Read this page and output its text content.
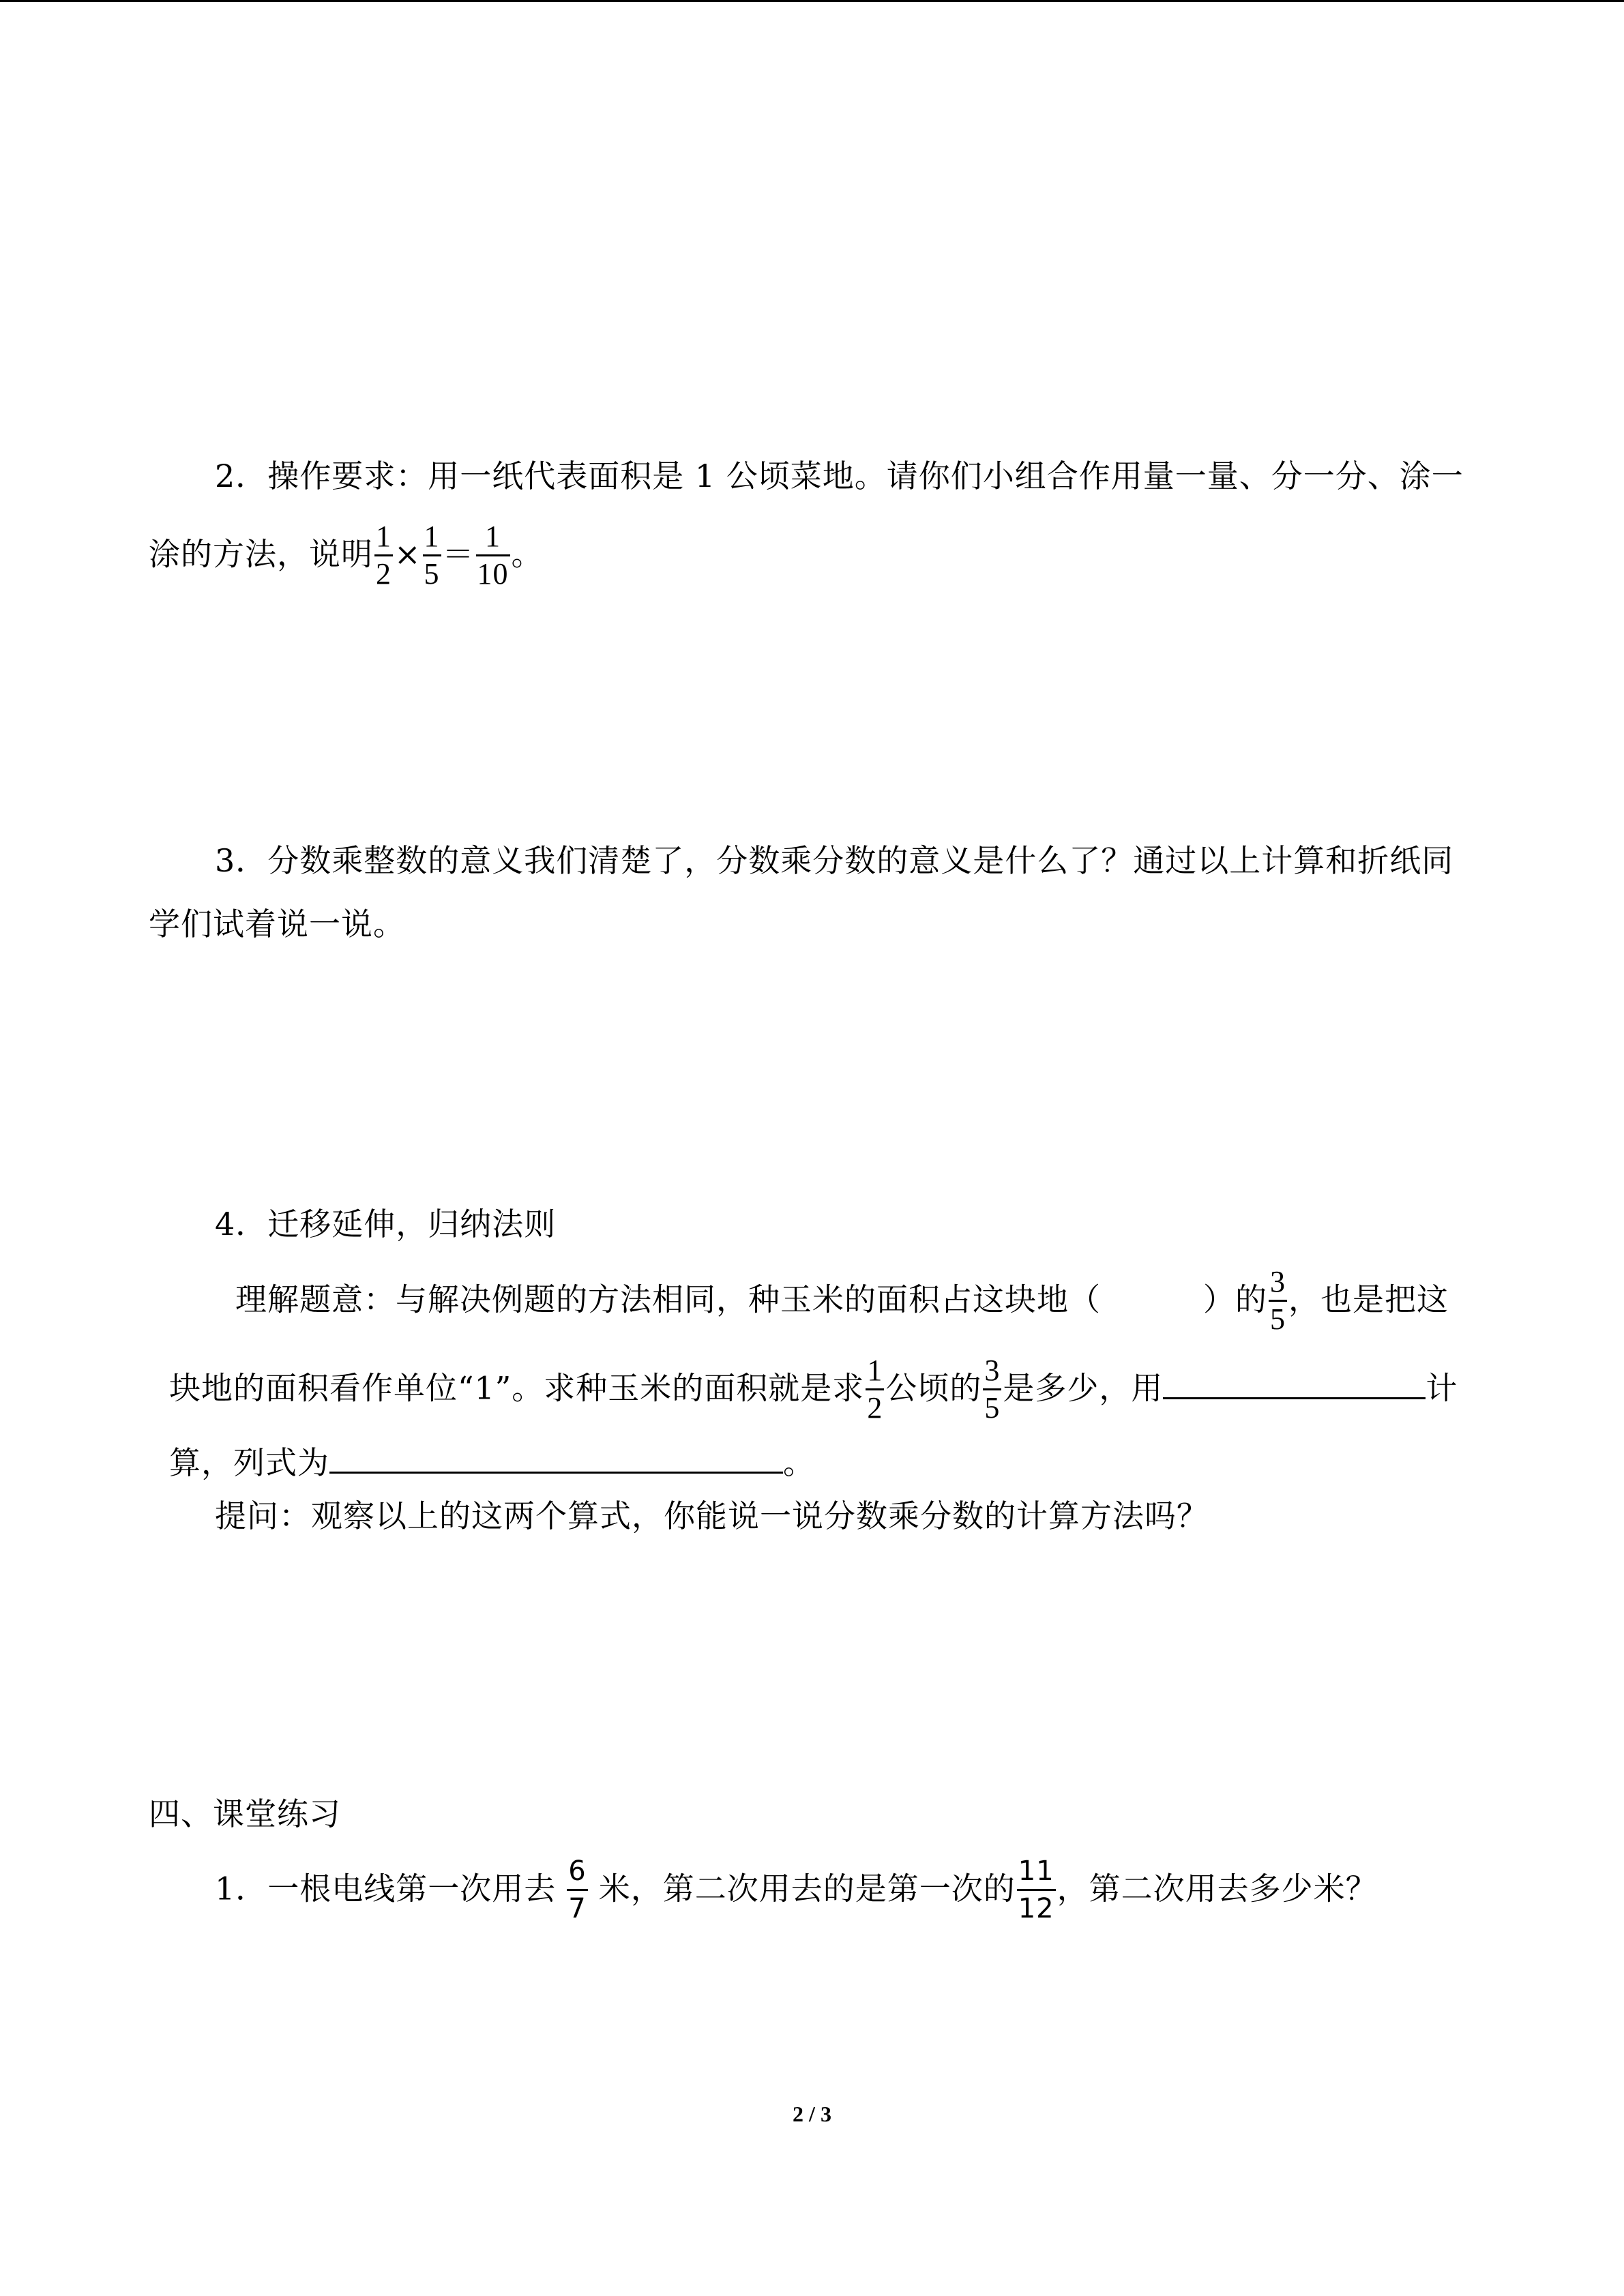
2．操作要求：用一纸代表面积是 1 公顷菜地。请你们小组合作用量一量、分一分、涂一
涂的方法，说明 $\frac{1}{2} \times \frac{1}{5} = \frac{1}{10}$ 。
3．分数乘整数的意义我们清楚了，分数乘分数的意义是什么了？通过以上计算和折纸同
学们试着说一说。
4．迁移延伸，归纳法则
理解题意：与解决例题的方法相同，种玉米的面积占这块地（	）的 $\frac{3}{5}$ ，也是把这
块地的面积看作单位“1”。求种玉米的面积就是求 $\frac{1}{2}$ 公顷的 $\frac{3}{5}$ 是多少，用	计
算，列式为	。
提问：观察以上的这两个算式，你能说一说分数乘分数的计算方法吗？
四、课堂练习
1．一根电线第一次用去 $\frac{6}{7}$ 米，第二次用去的是第一次的 $\frac{11}{12}$ ，第二次用去多少米？
2 / 3
